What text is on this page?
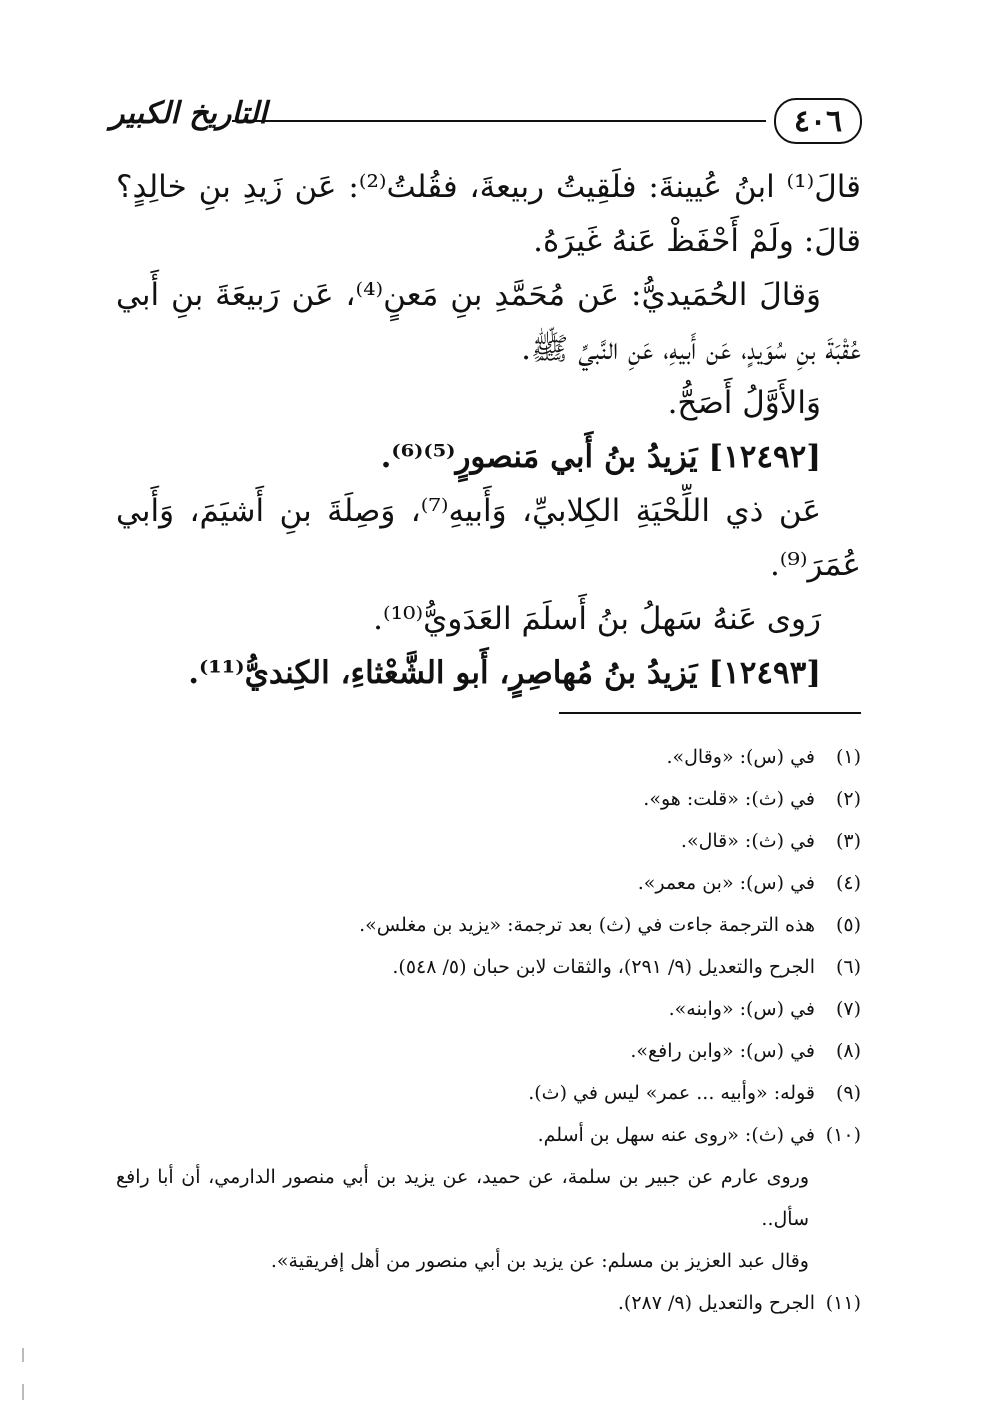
٤٠٦
التاريخ الكبير
قالَ⁽¹⁾ ابنُ عُيينةَ: فلَقِيتُ ربيعةَ، فقُلتُ⁽²⁾: عَن زَيدِ بنِ خالِدٍ؟
قالَ: ولَمْ أَحْفَظْ عَنهُ غَيرَهُ.
وَقالَ الحُمَيديُّ: عَن مُحَمَّدِ بنِ مَعنٍ⁽⁴⁾، عَن رَبيعَةَ بنِ أَبي
عُقْبَةَ بنِ سُوَيدٍ، عَن أَبيهِ، عَنِ النَّبيِّ ﷺ.
وَالأَوَّلُ أَصَحُّ.
[١٢٤٩٢] يَزيدُ بنُ أَبي مَنصورٍ⁽⁵⁾⁽⁶⁾.
عَن ذي اللِّحْيَةِ الكِلابيِّ، وَأَبيهِ⁽⁷⁾، وَصِلَةَ بنِ أَشيَمَ، وَأَبي
عُمَرَ⁽⁹⁾.
رَوى عَنهُ سَهلُ بنُ أَسلَمَ العَدَويُّ⁽¹⁰⁾.
[١٢٤٩٣] يَزيدُ بنُ مُهاصِرٍ، أَبو الشَّعْثاءِ، الكِنديُّ⁽¹¹⁾.
(١)في (س): «وقال».
(٢)في (ث): «قلت: هو».
(٣)في (ث): «قال».
(٤)في (س): «بن معمر».
(٥)هذه الترجمة جاءت في (ث) بعد ترجمة: «يزيد بن مغلس».
(٦)الجرح والتعديل (٩/ ٢٩١)، والثقات لابن حبان (٥/ ٥٤٨).
(٧)في (س): «وابنه».
(٨)في (س): «وابن رافع».
(٩)قوله: «وأبيه ... عمر» ليس في (ث).
(١٠)في (ث): «روى عنه سهل بن أسلم.
وروى عارم عن جبير بن سلمة، عن حميد، عن يزيد بن أبي منصور الدارمي، أن أبا رافع
سأل..
وقال عبد العزيز بن مسلم: عن يزيد بن أبي منصور من أهل إفريقية».
(١١)الجرح والتعديل (٩/ ٢٨٧).
